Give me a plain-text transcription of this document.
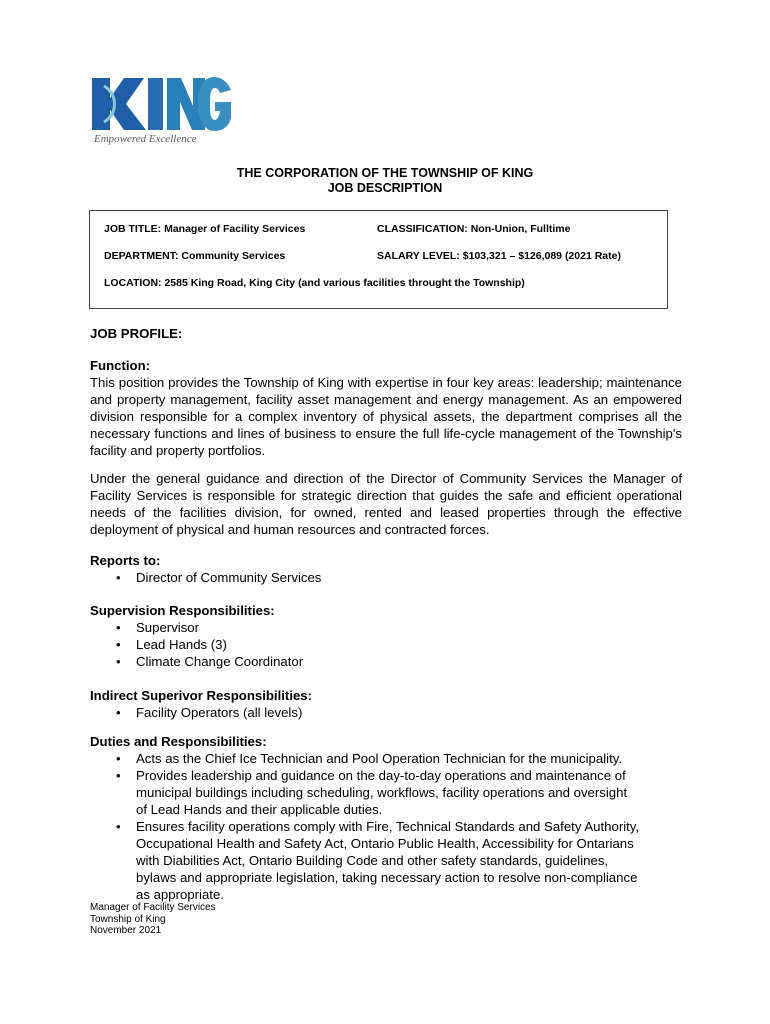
Empowered Excellence
THE CORPORATION OF THE TOWNSHIP OF KING
JOB DESCRIPTION
JOB TITLE: Manager of Facility Services	CLASSIFICATION: Non-Union, Fulltime
DEPARTMENT: Community Services	SALARY LEVEL: $103,321 – $126,089 (2021 Rate)
LOCATION: 2585 King Road, King City (and various facilities throught the Township)
JOB PROFILE:
Function:
This position provides the Township of King with expertise in four key areas: leadership; maintenance and property management, facility asset management and energy management. As an empowered division responsible for a complex inventory of physical assets, the department comprises all the necessary functions and lines of business to ensure the full life-cycle management of the Township's facility and property portfolios.
Under the general guidance and direction of the Director of Community Services the Manager of Facility Services is responsible for strategic direction that guides the safe and efficient operational needs of the facilities division, for owned, rented and leased properties through the effective deployment of physical and human resources and contracted forces.
Reports to:
• Director of Community Services
Supervision Responsibilities:
• Supervisor
• Lead Hands (3)
• Climate Change Coordinator
Indirect Superivor Responsibilities:
• Facility Operators (all levels)
Duties and Responsibilities:
• Acts as the Chief Ice Technician and Pool Operation Technician for the municipality.
• Provides leadership and guidance on the day-to-day operations and maintenance of municipal buildings including scheduling, workflows, facility operations and oversight of Lead Hands and their applicable duties.
• Ensures facility operations comply with Fire, Technical Standards and Safety Authority, Occupational Health and Safety Act, Ontario Public Health, Accessibility for Ontarians with Diabilities Act, Ontario Building Code and other safety standards, guidelines, bylaws and appropriate legislation, taking necessary action to resolve non-compliance as appropriate.
Manager of Facility Services
Township of King
November 2021
